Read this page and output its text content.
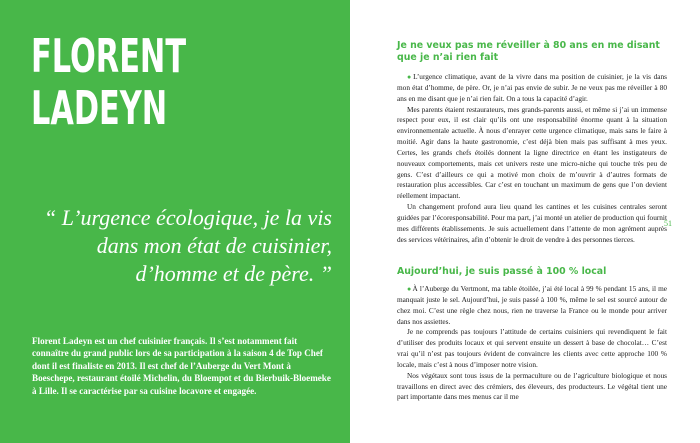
FLORENT
LADEYN
“ L’urgence écologique, je la vis dans mon état de cuisinier, d’homme et de père. ”
Florent Ladeyn est un chef cuisinier français. Il s’est notamment fait connaître du grand public lors de sa participation à la saison 4 de Top Chef dont il est finaliste en 2013. Il est chef de l’Auberge du Vert Mont à Boeschepe, restaurant étoilé Michelin, du Bloempot et du Bierbuik-Bloemeke à Lille. Il se caractérise par sa cuisine locavore et engagée.
Je ne veux pas me réveiller à 80 ans en me disant que je n’ai rien fait

●L’urgence climatique, avant de la vivre dans ma position de cuisinier, je la vis dans mon état d’homme, de père. Or, je n’ai pas envie de subir. Je ne veux pas me réveiller à 80 ans en me disant que je n’ai rien fait. On a tous la capacité d’agir.

Mes parents étaient restaurateurs, mes grands-parents aussi, et même si j’ai un immense respect pour eux, il est clair qu’ils ont une responsabilité énorme quant à la situation environnementale actuelle. À nous d’enrayer cette urgence climatique, mais sans le faire à moitié. Agir dans la haute gastronomie, c’est déjà bien mais pas suffisant à mes yeux. Certes, les grands chefs étoilés donnent la ligne directrice en étant les instigateurs de nouveaux comportements, mais cet univers reste une micro-niche qui touche très peu de gens. C’est d’ailleurs ce qui a motivé mon choix de m’ouvrir à d’autres formats de restauration plus accessibles. Car c’est en touchant un maximum de gens que l’on devient réellement impactant.

Un changement profond aura lieu quand les cantines et les cuisines centrales seront guidées par l’écoresponsabilité. Pour ma part, j’ai monté un atelier de production qui fournit mes différents établissements. Je suis actuellement dans l’attente de mon agrément auprès des services vétérinaires, afin d’obtenir le droit de vendre à des personnes tierces.

Aujourd’hui, je suis passé à 100 % local

●À l’Auberge du Vertmont, ma table étoilée, j’ai été local à 99 % pendant 15 ans, il me manquait juste le sel. Aujourd’hui, je suis passé à 100 %, même le sel est sourcé autour de chez moi. C’est une règle chez nous, rien ne traverse la France ou le monde pour arriver dans nos assiettes.

Je ne comprends pas toujours l’attitude de certains cuisiniers qui revendiquent le fait d’utiliser des produits locaux et qui servent ensuite un dessert à base de chocolat… C’est vrai qu’il n’est pas toujours évident de convaincre les clients avec cette approche 100 % locale, mais c’est à nous d’imposer notre vision.

Nos végétaux sont tous issus de la permaculture ou de l’agriculture biologique et nous travaillons en direct avec des crémiers, des éleveurs, des producteurs. Le végétal tient une part importante dans mes menus car il me

51
